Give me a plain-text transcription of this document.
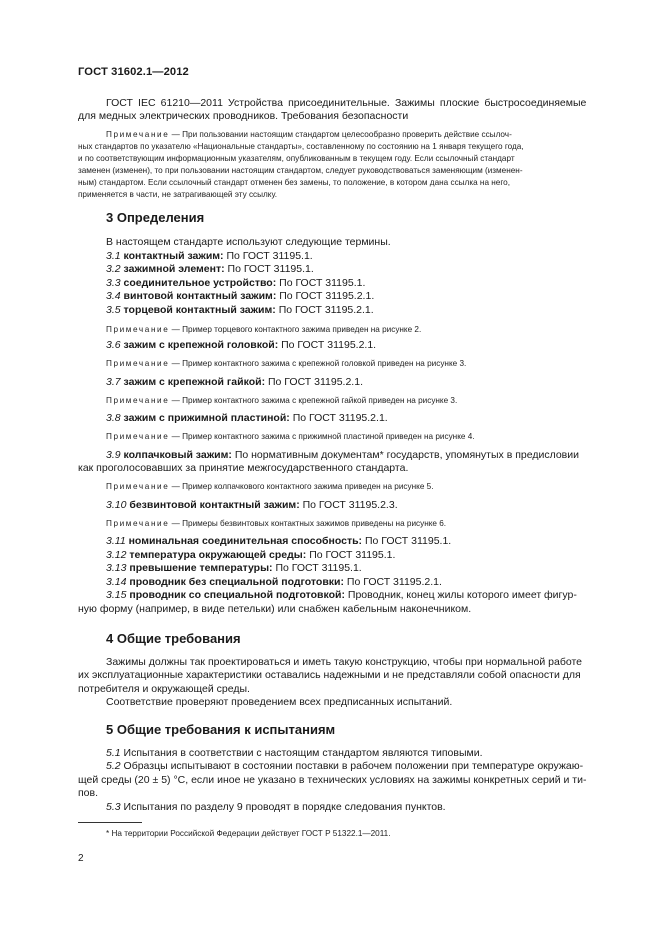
ГОСТ 31602.1—2012
ГОСТ IEC 61210—2011 Устройства присоединительные. Зажимы плоские быстросоединяемые
для медных электрических проводников. Требования безопасности
Примечание — При пользовании настоящим стандартом целесообразно проверить действие ссылоч-
ных стандартов по указателю «Национальные стандарты», составленному по состоянию на 1 января текущего года,
и по соответствующим информационным указателям, опубликованным в текущем году. Если ссылочный стандарт
заменен (изменен), то при пользовании настоящим стандартом, следует руководствоваться заменяющим (изменен-
ным) стандартом. Если ссылочный стандарт отменен без замены, то положение, в котором дана ссылка на него,
применяется в части, не затрагивающей эту ссылку.
3 Определения
В настоящем стандарте используют следующие термины.
3.1 контактный зажим: По ГОСТ 31195.1.
3.2 зажимной элемент: По ГОСТ 31195.1.
3.3 соединительное устройство: По ГОСТ 31195.1.
3.4 винтовой контактный зажим: По ГОСТ 31195.2.1.
3.5 торцевой контактный зажим: По ГОСТ 31195.2.1.
Примечание — Пример торцевого контактного зажима приведен на рисунке 2.
3.6 зажим с крепежной головкой: По ГОСТ 31195.2.1.
Примечание — Пример контактного зажима с крепежной головкой приведен на рисунке 3.
3.7 зажим с крепежной гайкой: По ГОСТ 31195.2.1.
Примечание — Пример контактного зажима с крепежной гайкой приведен на рисунке 3.
3.8 зажим с прижимной пластиной: По ГОСТ 31195.2.1.
Примечание — Пример контактного зажима с прижимной пластиной приведен на рисунке 4.
3.9 колпачковый зажим: По нормативным документам* государств, упомянутых в предисловии
как проголосовавших за принятие межгосударственного стандарта.
Примечание — Пример колпачкового контактного зажима приведен на рисунке 5.
3.10 безвинтовой контактный зажим: По ГОСТ 31195.2.3.
Примечание — Примеры безвинтовых контактных зажимов приведены на рисунке 6.
3.11 номинальная соединительная способность: По ГОСТ 31195.1.
3.12 температура окружающей среды: По ГОСТ 31195.1.
3.13 превышение температуры: По ГОСТ 31195.1.
3.14 проводник без специальной подготовки: По ГОСТ 31195.2.1.
3.15 проводник со специальной подготовкой: Проводник, конец жилы которого имеет фигур-
ную форму (например, в виде петельки) или снабжен кабельным наконечником.
4 Общие требования
Зажимы должны так проектироваться и иметь такую конструкцию, чтобы при нормальной работе
их эксплуатационные характеристики оставались надежными и не представляли собой опасности для
потребителя и окружающей среды.
Соответствие проверяют проведением всех предписанных испытаний.
5 Общие требования к испытаниям
5.1 Испытания в соответствии с настоящим стандартом являются типовыми.
5.2 Образцы испытывают в состоянии поставки в рабочем положении при температуре окружаю-
щей среды (20 ± 5) °С, если иное не указано в технических условиях на зажимы конкретных серий и ти-
пов.
5.3 Испытания по разделу 9 проводят в порядке следования пунктов.
* На территории Российской Федерации действует ГОСТ Р 51322.1—2011.
2
